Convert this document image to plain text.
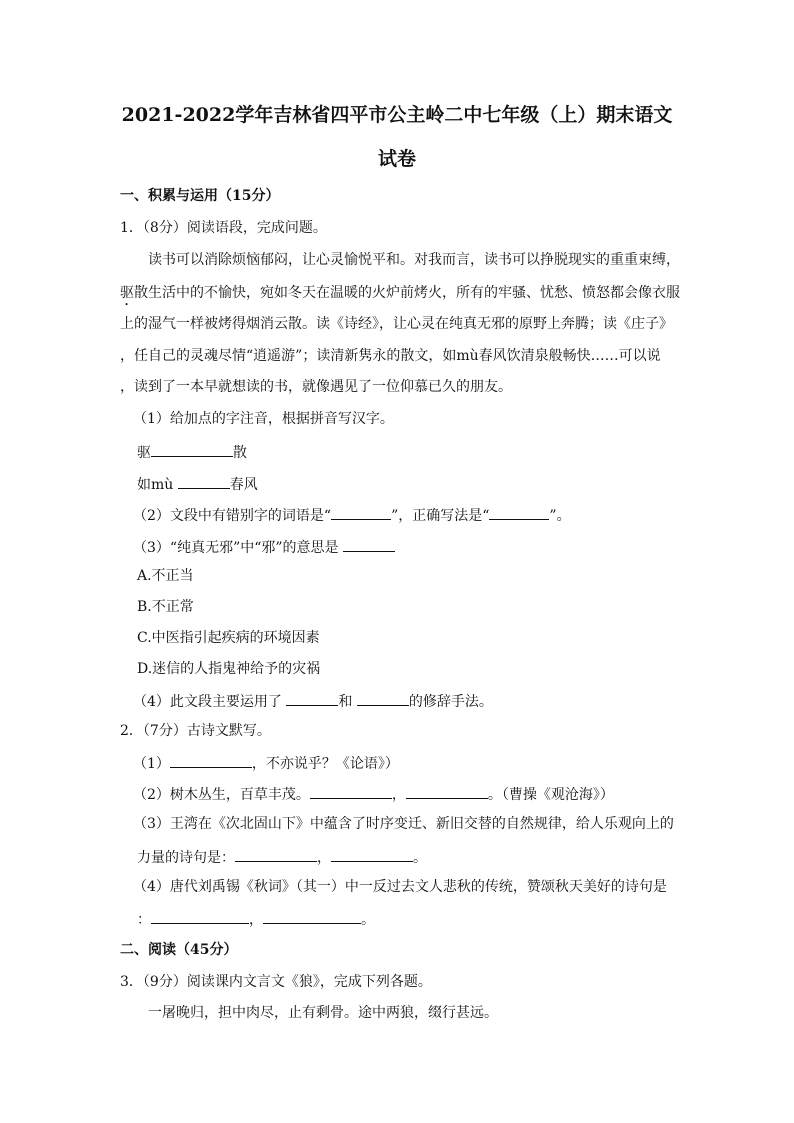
2021-2022学年吉林省四平市公主岭二中七年级（上）期末语文
试卷
一、积累与运用（15分）
1．（8分）阅读语段，完成问题。
读书可以消除烦恼郁闷，让心灵愉悦平和。对我而言，读书可以挣脱现实的重重束缚，
驱散生活中的不愉快，宛如冬天在温暖的火炉前烤火，所有的牢骚、忧愁、愤怒都会像衣服
上的湿气一样被烤得烟消云散。读《诗经》，让心灵在纯真无邪的原野上奔腾；读《庄子》
，任自己的灵魂尽情“逍遥游”；读清新隽永的散文，如mù春风饮清泉般畅快……可以说
，读到了一本早就想读的书，就像遇见了一位仰慕已久的朋友。
（1）给加点的字注音，根据拼音写汉字。
驱	散
如mù	春风
（2）文段中有错别字的词语是“	”，正确写法是“	”。
（3）“纯真无邪”中“邪”的意思是
A.不正当
B.不正常
C.中医指引起疾病的环境因素
D.迷信的人指鬼神给予的灾祸
（4）此文段主要运用了	和	的修辞手法。
2．（7分）古诗文默写。
（1）	，不亦说乎？《论语》）
（2）树木丛生，百草丰茂。	，	。（曹操《观沧海》）
（3）王湾在《次北固山下》中蕴含了时序变迁、新旧交替的自然规律，给人乐观向上的
力量的诗句是：	，	。
（4）唐代刘禹锡《秋词》（其一）中一反过去文人悲秋的传统，赞颂秋天美好的诗句是
：	，	。
二、阅读（45分）
3．（9分）阅读课内文言文《狼》，完成下列各题。
一屠晚归，担中肉尽，止有剩骨。途中两狼，缀行甚远。
